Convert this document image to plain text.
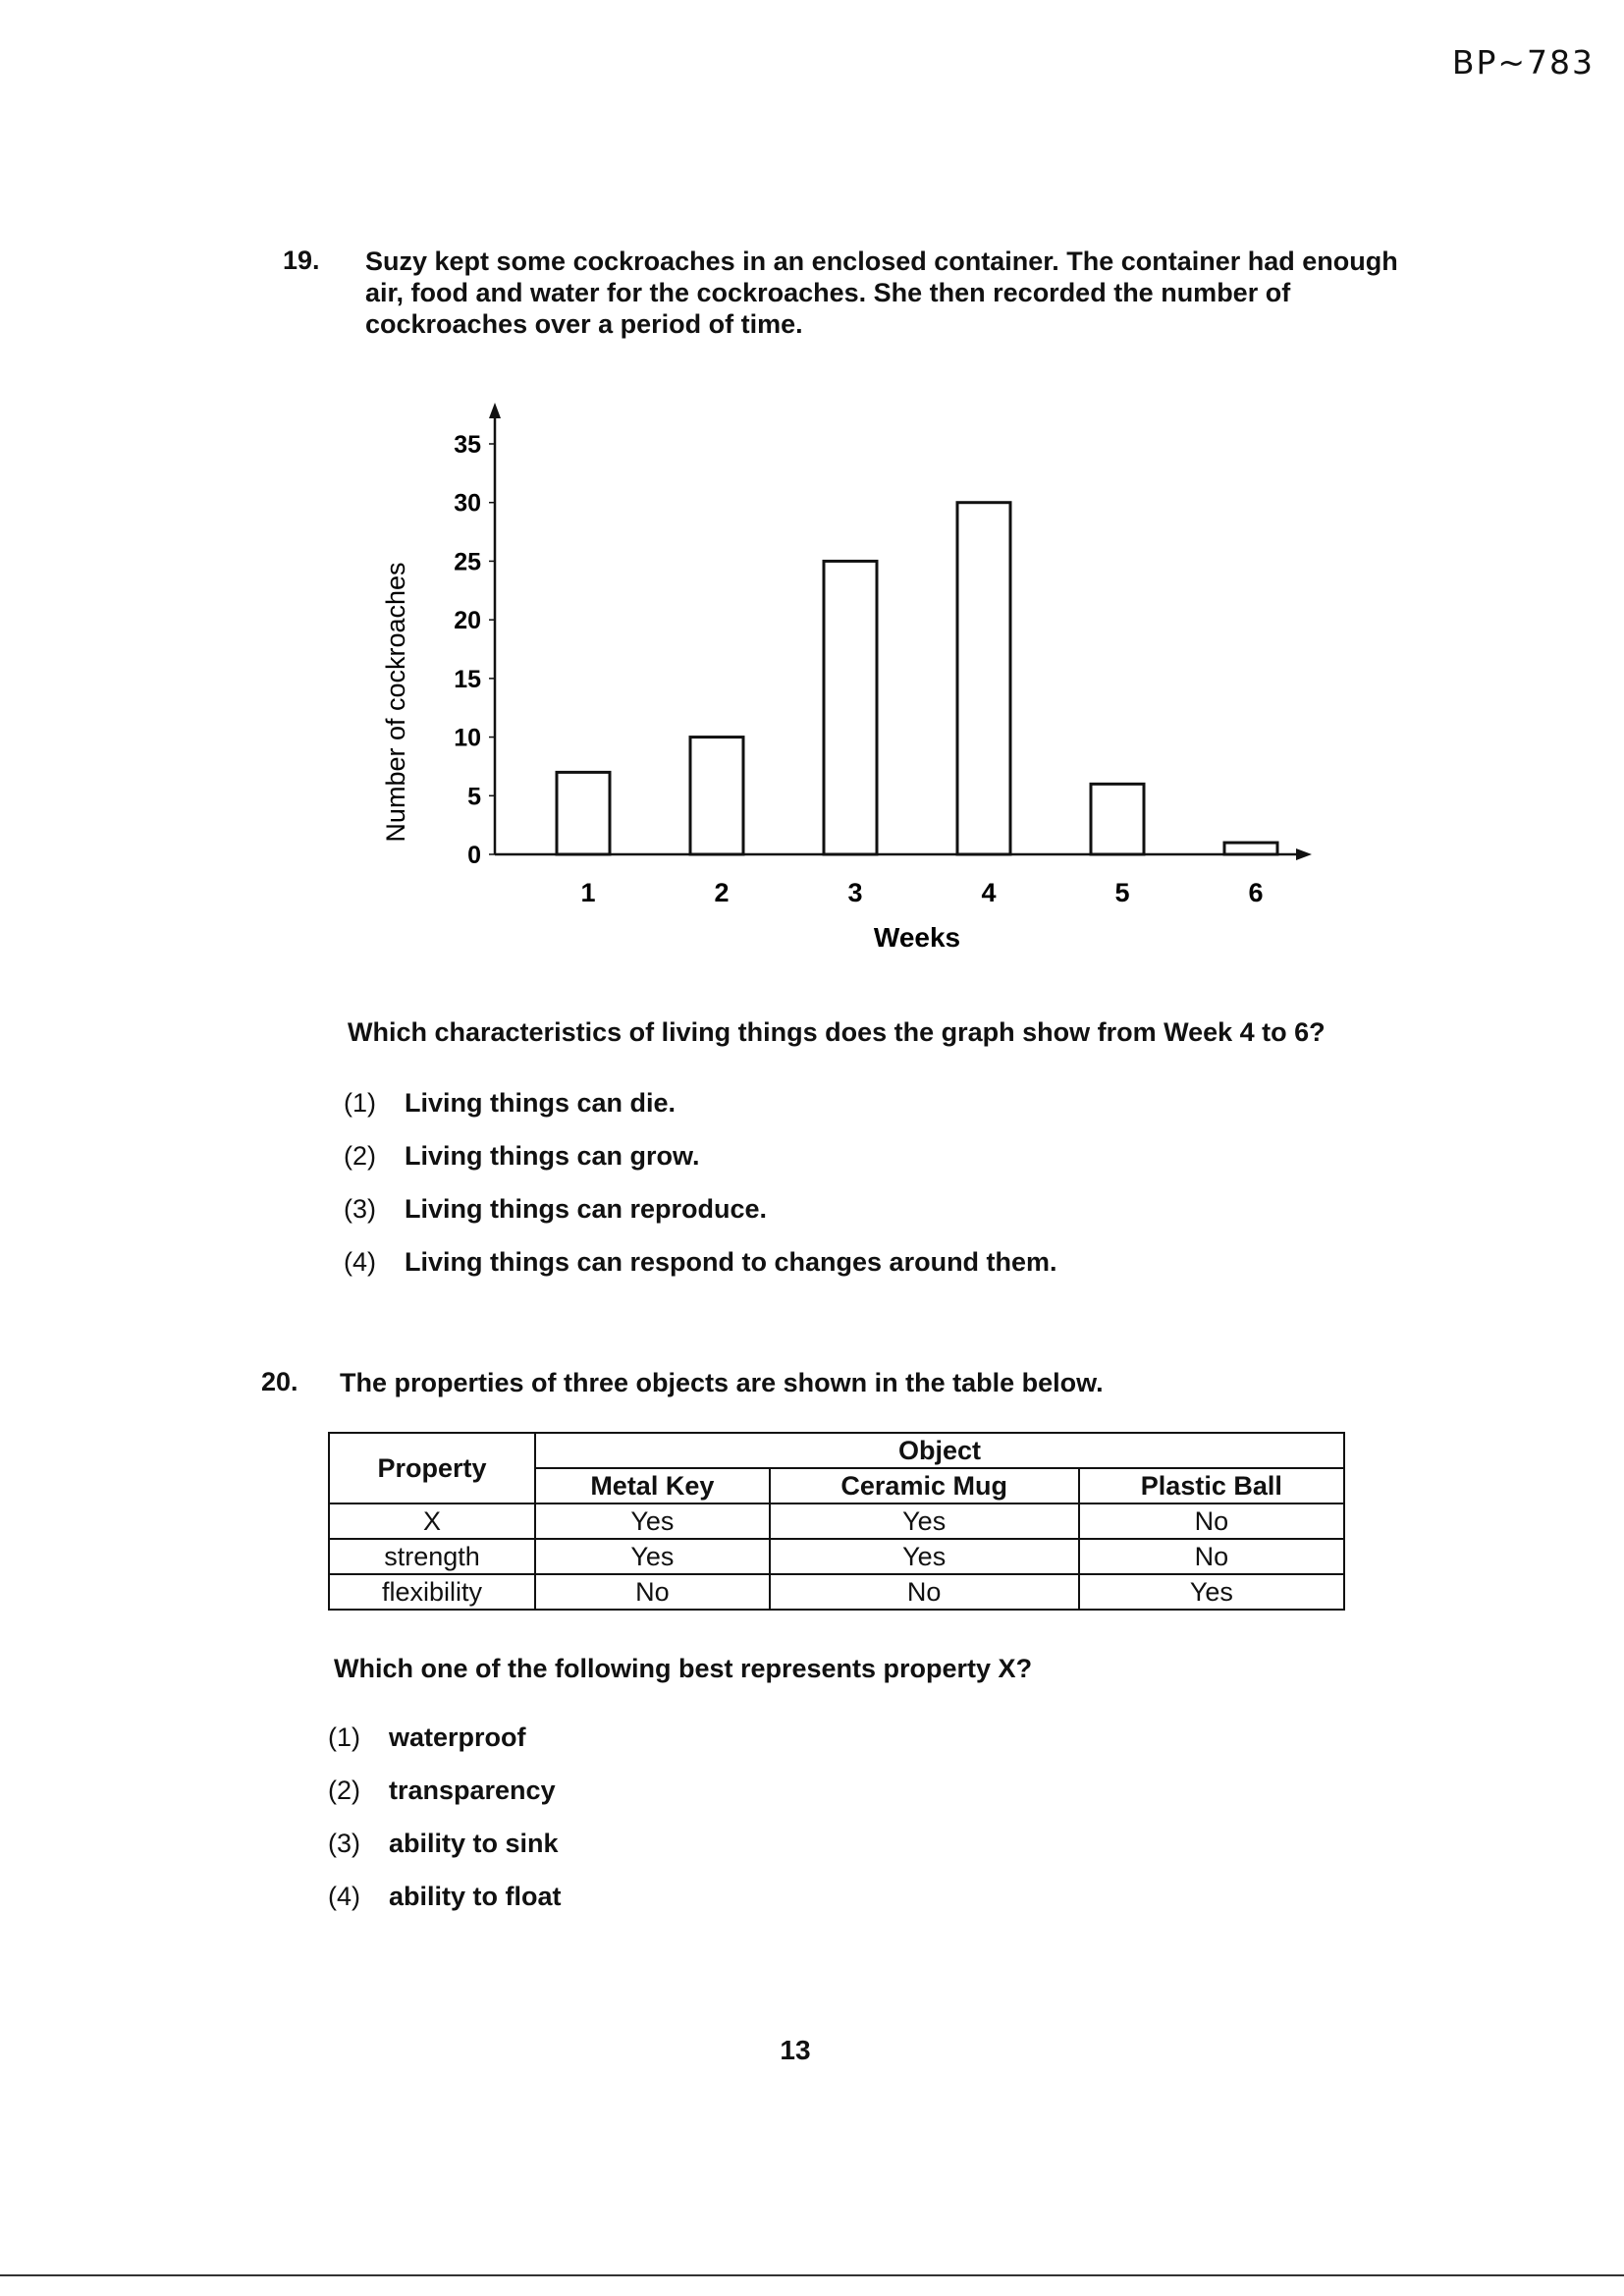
BP~783
19. Suzy kept some cockroaches in an enclosed container. The container had enough air, food and water for the cockroaches. She then recorded the number of cockroaches over a period of time.
0
5
10
15
20
25
30
35
1	2	3	4	5	6
Weeks
Number of cockroaches
Which characteristics of living things does the graph show from Week 4 to 6?
(1)	Living things can die.
(2)	Living things can grow.
(3)	Living things can reproduce.
(4)	Living things can respond to changes around them.
20. The properties of three objects are shown in the table below.
Property	Object		
	Metal Key	Ceramic Mug	Plastic Ball
X	Yes	Yes	No
strength	Yes	Yes	No
flexibility	No	No	Yes
Which one of the following best represents property X?
(1)	waterproof
(2)	transparency
(3)	ability to sink
(4)	ability to float
13
